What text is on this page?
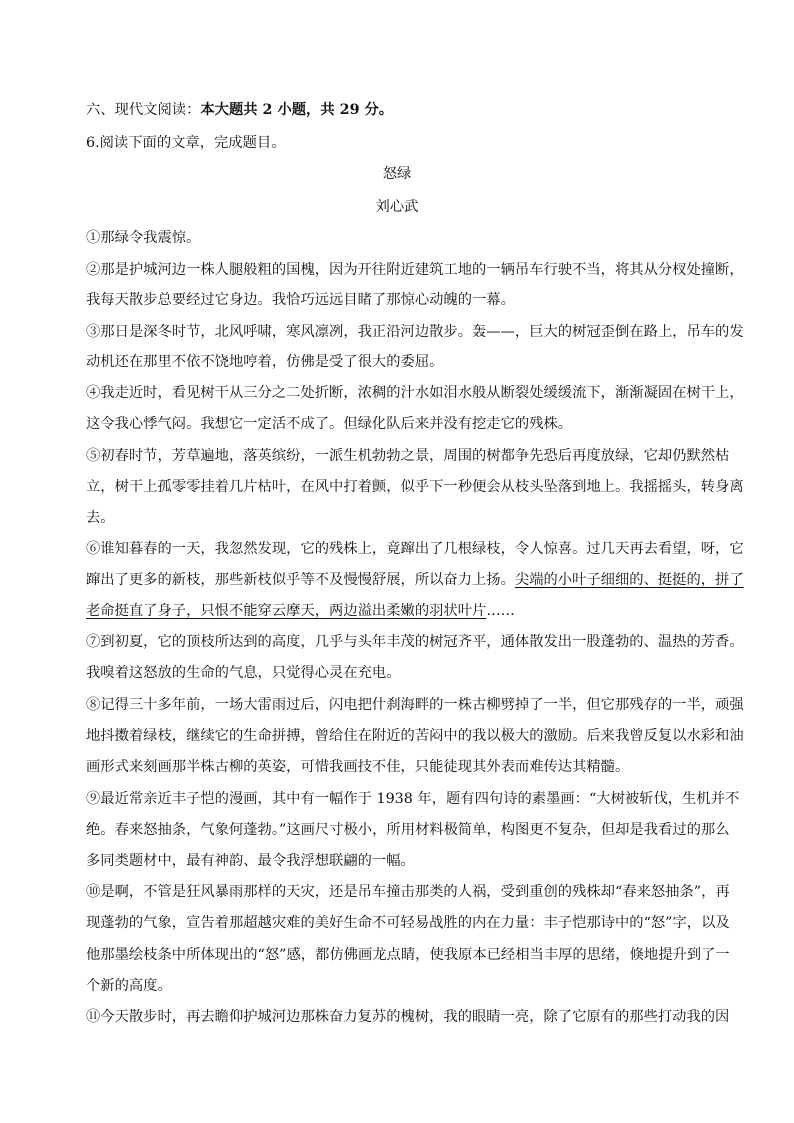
六、现代文阅读：本大题共 2 小题，共 29 分。
6.阅读下面的文章，完成题目。
怒绿
刘心武
①那绿令我震惊。
②那是护城河边一株人腿般粗的国槐，因为开往附近建筑工地的一辆吊车行驶不当，将其从分杈处撞断，
我每天散步总要经过它身边。我恰巧远远目睹了那惊心动魄的一幕。
③那日是深冬时节，北风呼啸，寒风凛冽，我正沿河边散步。轰——，巨大的树冠歪倒在路上，吊车的发
动机还在那里不依不饶地哼着，仿佛是受了很大的委屈。
④我走近时，看见树干从三分之二处折断，浓稠的汁水如泪水般从断裂处缓缓流下，渐渐凝固在树干上，
这令我心悸气闷。我想它一定活不成了。但绿化队后来并没有挖走它的残株。
⑤初春时节，芳草遍地，落英缤纷，一派生机勃勃之景，周围的树都争先恐后再度放绿，它却仍默然枯
立，树干上孤零零挂着几片枯叶，在风中打着颤，似乎下一秒便会从枝头坠落到地上。我摇摇头，转身离
去。
⑥谁知暮春的一天，我忽然发现，它的残株上，竟蹿出了几根绿枝，令人惊喜。过几天再去看望，呀，它
蹿出了更多的新枝，那些新枝似乎等不及慢慢舒展，所以奋力上扬。尖端的小叶子细细的、挺挺的，拼了
老命挺直了身子，只恨不能穿云摩天，两边溢出柔嫩的羽状叶片……
⑦到初夏，它的顶枝所达到的高度，几乎与头年丰茂的树冠齐平，通体散发出一股蓬勃的、温热的芳香。
我嗅着这怒放的生命的气息，只觉得心灵在充电。
⑧记得三十多年前，一场大雷雨过后，闪电把什刹海畔的一株古柳劈掉了一半，但它那残存的一半，顽强
地抖擞着绿枝，继续它的生命拼搏，曾给住在附近的苦闷中的我以极大的激励。后来我曾反复以水彩和油
画形式来刻画那半株古柳的英姿，可惜我画技不佳，只能徒现其外表而难传达其精髓。
⑨最近常亲近丰子恺的漫画，其中有一幅作于 1938 年，题有四句诗的素墨画：“大树被斩伐，生机并不
绝。春来怒抽条，气象何蓬勃。”这画尺寸极小，所用材料极简单，构图更不复杂，但却是我看过的那么
多同类题材中，最有神韵、最令我浮想联翩的一幅。
⑩是啊，不管是狂风暴雨那样的天灾，还是吊车撞击那类的人祸，受到重创的残株却“春来怒抽条”，再
现蓬勃的气象，宣告着那超越灾难的美好生命不可轻易战胜的内在力量：丰子恺那诗中的“怒”字，以及
他那墨绘枝条中所体现出的“怒”感，都仿佛画龙点睛，使我原本已经相当丰厚的思绪，倏地提升到了一
个新的高度。
⑪今天散步时，再去瞻仰护城河边那株奋力复苏的槐树，我的眼睛一亮，除了它原有的那些打动我的因
